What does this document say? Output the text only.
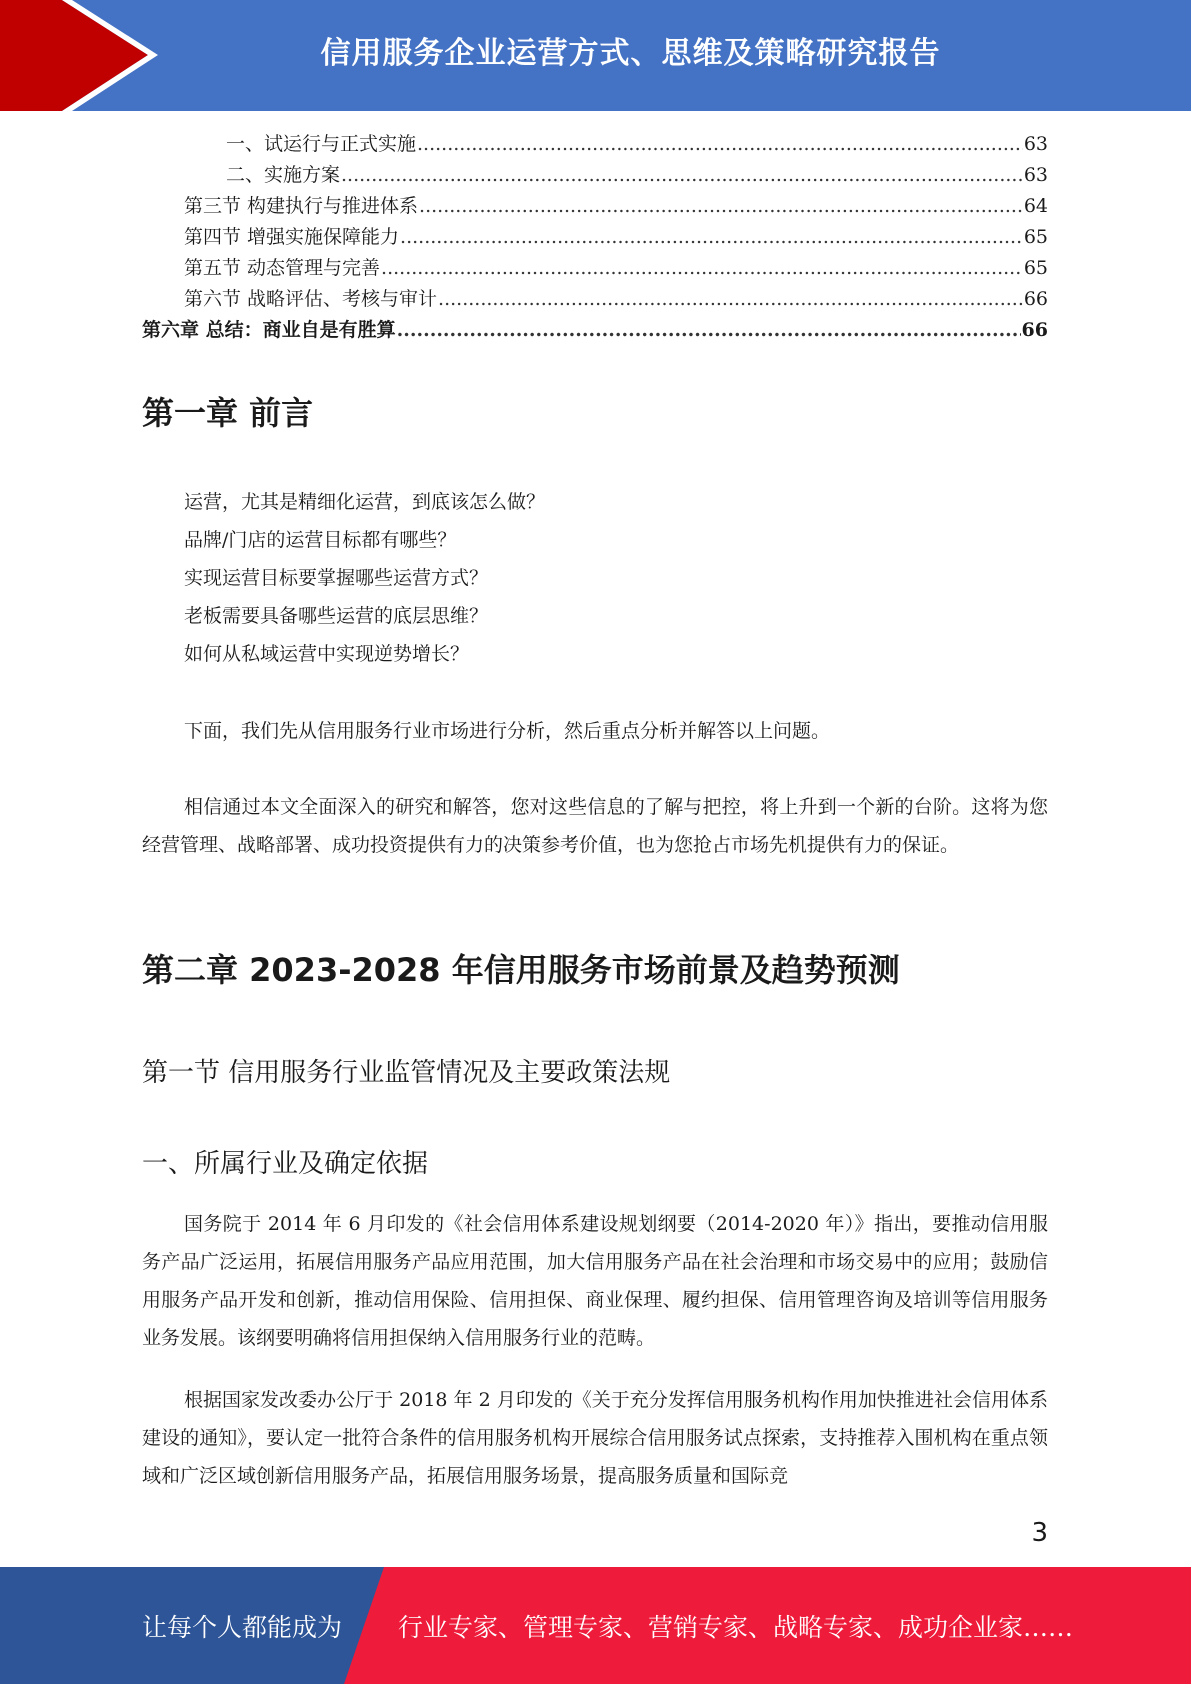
信用服务企业运营方式、思维及策略研究报告
一、试运行与正式实施 .....	63
二、实施方案 .....	63
第三节 构建执行与推进体系 .....	64
第四节 增强实施保障能力 .....	65
第五节 动态管理与完善 .....	65
第六节 战略评估、考核与审计 .....	66
第六章 总结：商业自是有胜算 .....	66
第一章 前言
运营，尤其是精细化运营，到底该怎么做？
品牌/门店的运营目标都有哪些？
实现运营目标要掌握哪些运营方式？
老板需要具备哪些运营的底层思维？
如何从私域运营中实现逆势增长？

下面，我们先从信用服务行业市场进行分析，然后重点分析并解答以上问题。

相信通过本文全面深入的研究和解答，您对这些信息的了解与把控，将上升到一个新的台阶。这将为您经营管理、战略部署、成功投资提供有力的决策参考价值，也为您抢占市场先机提供有力的保证。

第二章 2023-2028 年信用服务市场前景及趋势预测
第一节 信用服务行业监管情况及主要政策法规
一、所属行业及确定依据

国务院于 2014 年 6 月印发的《社会信用体系建设规划纲要（2014-2020 年）》指出，要推动信用服务产品广泛运用，拓展信用服务产品应用范围，加大信用服务产品在社会治理和市场交易中的应用；鼓励信用服务产品开发和创新，推动信用保险、信用担保、商业保理、履约担保、信用管理咨询及培训等信用服务业务发展。该纲要明确将信用担保纳入信用服务行业的范畴。

根据国家发改委办公厅于 2018 年 2 月印发的《关于充分发挥信用服务机构作用加快推进社会信用体系建设的通知》，要认定一批符合条件的信用服务机构开展综合信用服务试点探索，支持推荐入围机构在重点领域和广泛区域创新信用服务产品，拓展信用服务场景，提高服务质量和国际竞

3
让每个人都能成为 行业专家、管理专家、营销专家、战略专家、成功企业家……
